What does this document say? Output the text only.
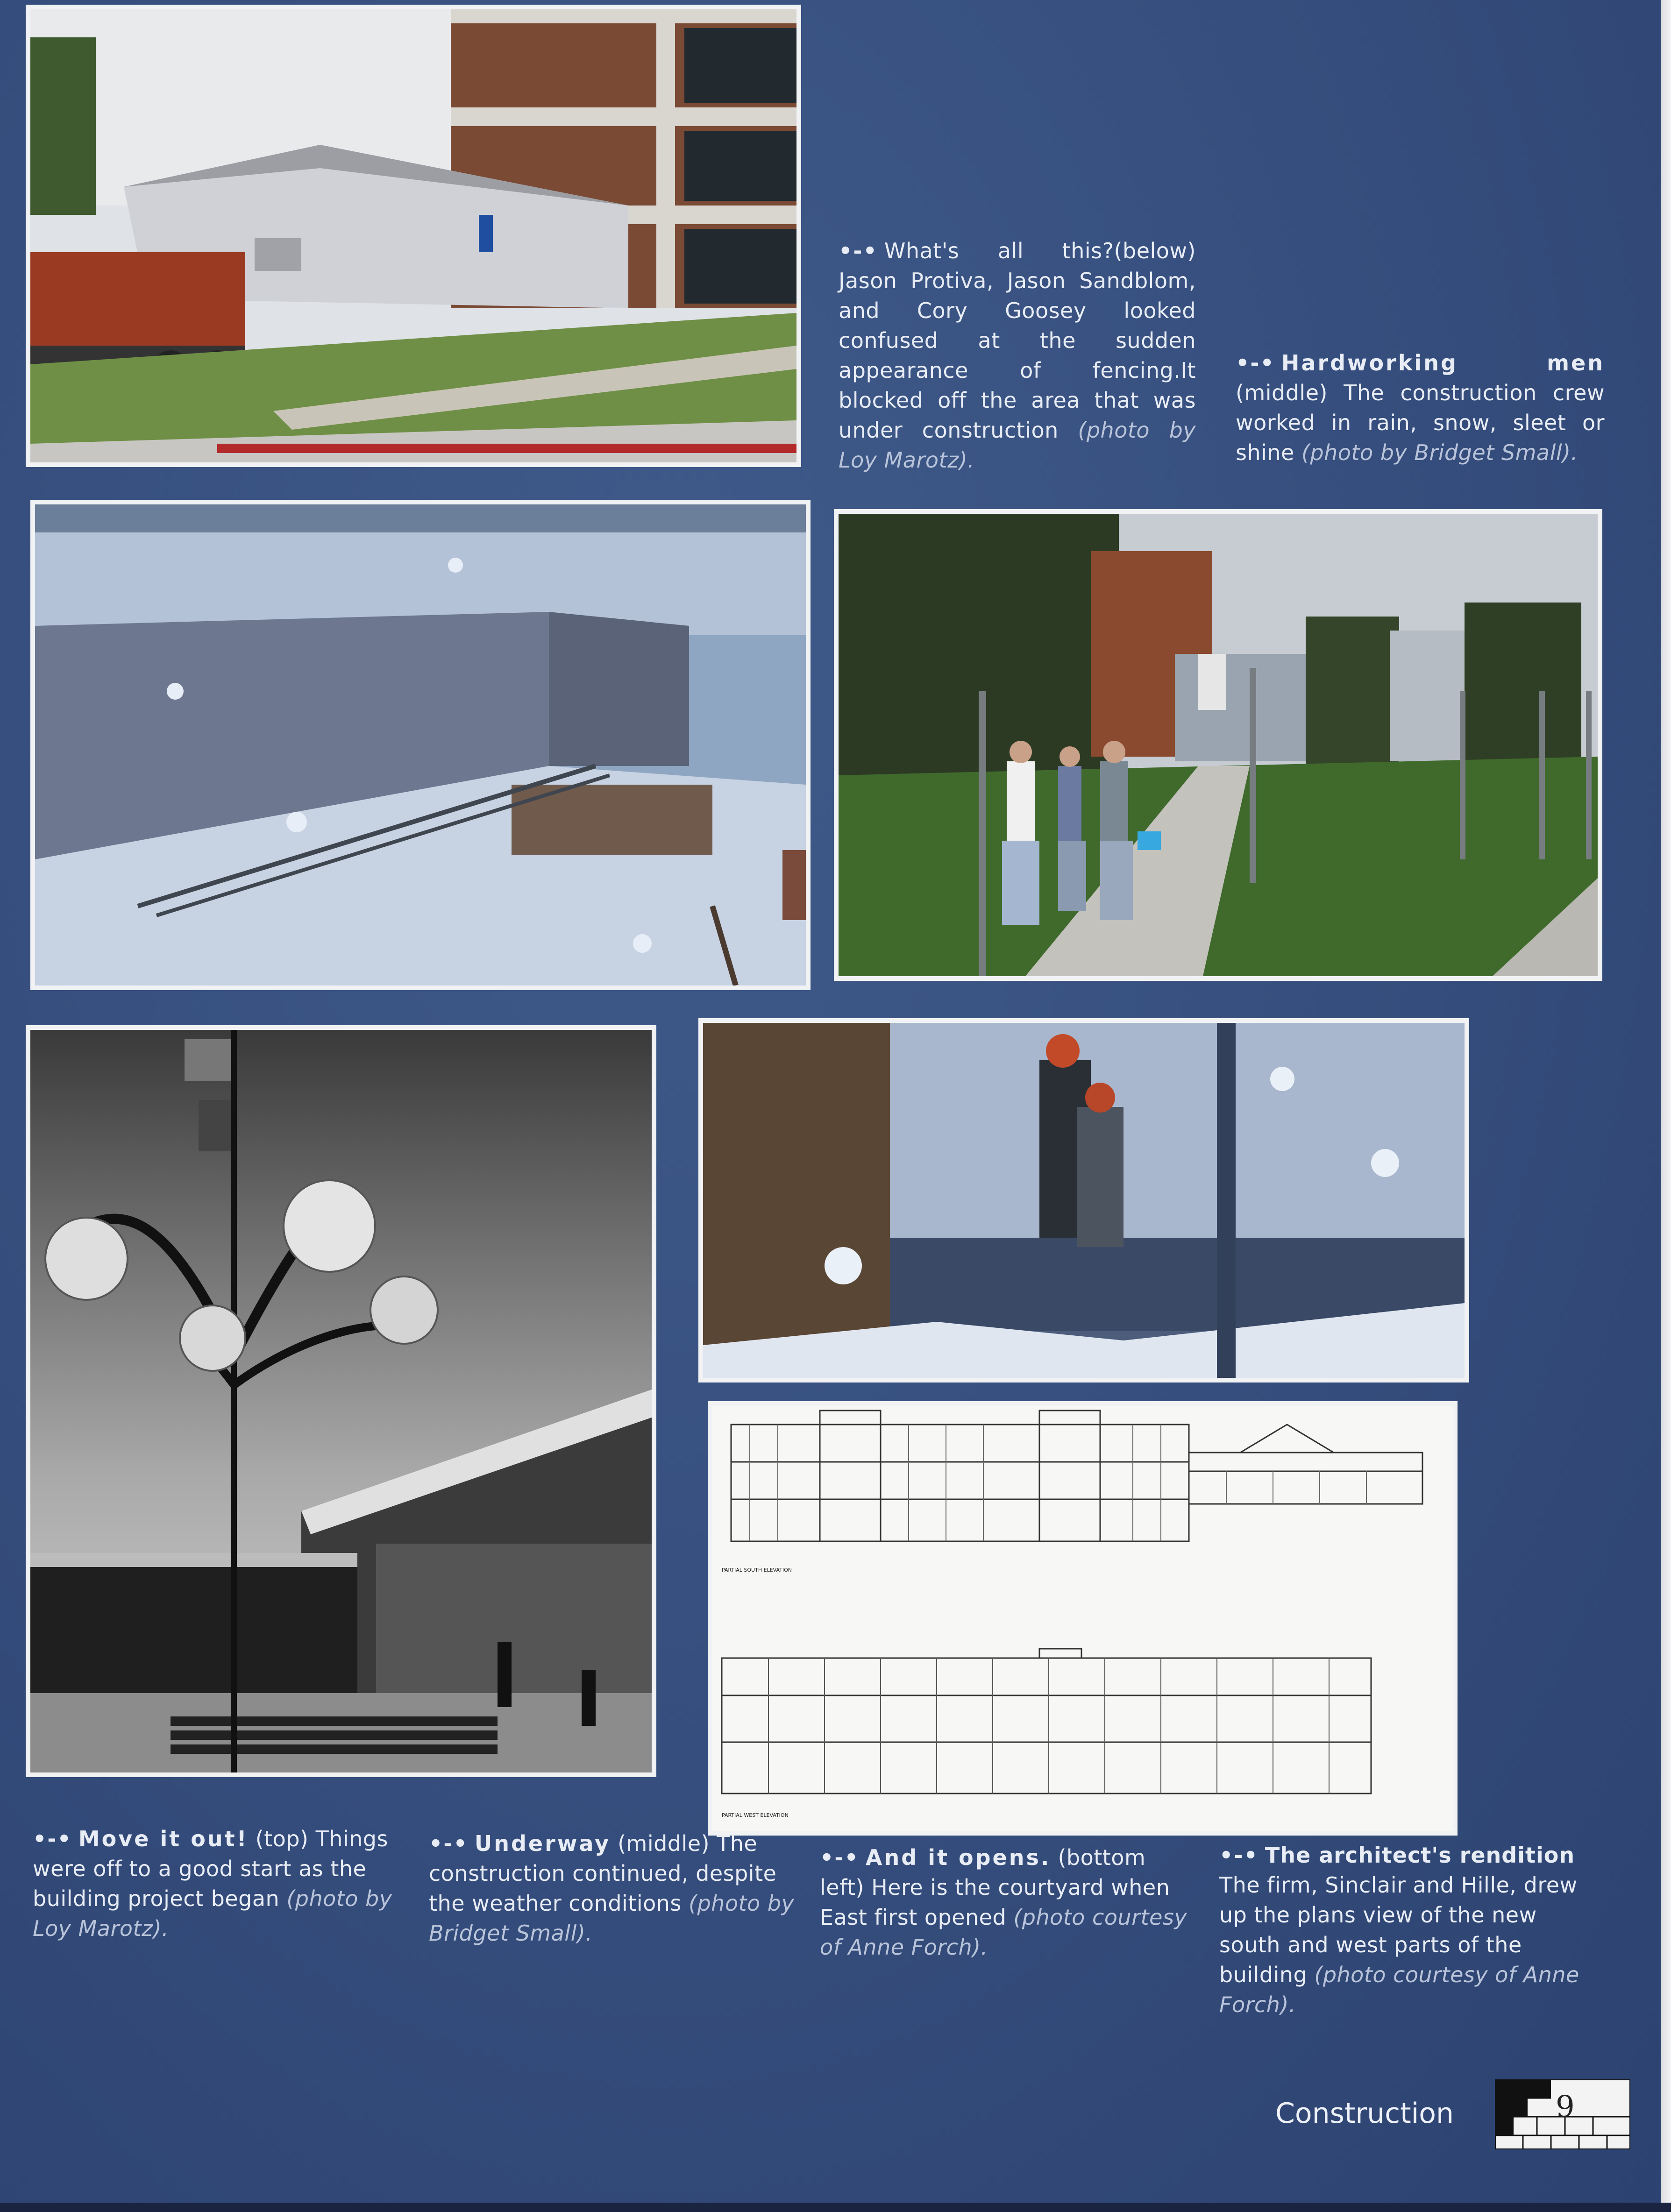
•-• What's all this?(below) Jason Protiva, Jason Sandblom, and Cory Goosey looked confused at the sudden appearance of fencing.It blocked off the area that was under construction (photo by Loy Marotz).
•-• Hardworking men (middle) The construction crew worked in rain, snow, sleet or shine (photo by Bridget Small).
PARTIAL SOUTH ELEVATION
PARTIAL WEST ELEVATION
•-• Move it out! (top) Things were off to a good start as the building project began (photo by Loy Marotz).
•-• Underway (middle) The construction continued, despite the weather conditions (photo by Bridget Small).
•-• And it opens. (bottom left) Here is the courtyard when East first opened (photo courtesy of Anne Forch).
•-• The architect's rendition The firm, Sinclair and Hille, drew up the plans view of the new south and west parts of the building (photo courtesy of Anne Forch).
Construction	9
